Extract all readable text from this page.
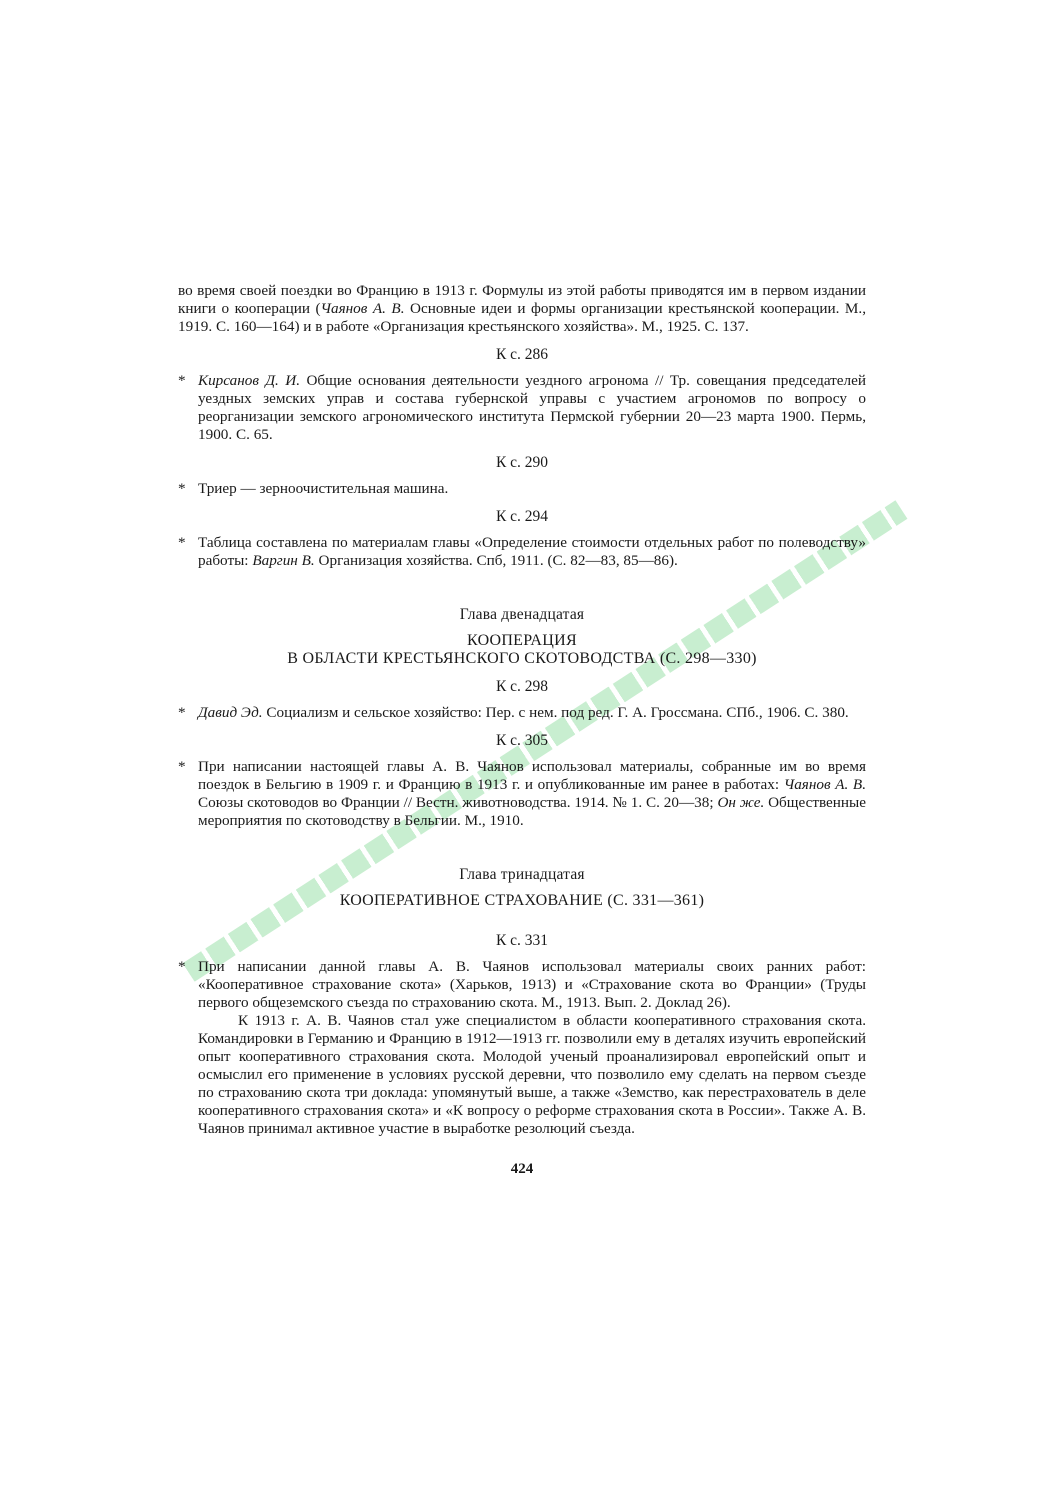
во время своей поездки во Францию в 1913 г. Формулы из этой работы приводятся им в первом издании книги о кооперации (Чаянов А. В. Основные идеи и формы организации крестьянской кооперации. М., 1919. С. 160—164) и в работе «Организация крестьянского хозяйства». М., 1925. С. 137.

К с. 286

* Кирсанов Д. И. Общие основания деятельности уездного агронома // Тр. совещания председателей уездных земских управ и состава губернской управы с участием агрономов по вопросу о реорганизации земского агрономического института Пермской губернии 20—23 марта 1900. Пермь, 1900. С. 65.

К с. 290

* Триер — зерноочистительная машина.

К с. 294

* Таблица составлена по материалам главы «Определение стоимости отдельных работ по полеводству» работы: Варгин В. Организация хозяйства. Спб, 1911. (С. 82—83, 85—86).

Глава двенадцатая
КООПЕРАЦИЯ
В ОБЛАСТИ КРЕСТЬЯНСКОГО СКОТОВОДСТВА (С. 298—330)
К с. 298

* Давид Эд. Социализм и сельское хозяйство: Пер. с нем. под ред. Г. А. Гроссмана. СПб., 1906. С. 380.

К с. 305

* При написании настоящей главы А. В. Чаянов использовал материалы, собранные им во время поездок в Бельгию в 1909 г. и Францию в 1913 г. и опубликованные им ранее в работах: Чаянов А. В. Союзы скотоводов во Франции // Вестн. животноводства. 1914. № 1. С. 20—38; Он же. Общественные мероприятия по скотоводству в Бельгии. М., 1910.

Глава тринадцатая
КООПЕРАТИВНОЕ СТРАХОВАНИЕ (С. 331—361)
К с. 331

* При написании данной главы А. В. Чаянов использовал материалы своих ранних работ: «Кооперативное страхование скота» (Харьков, 1913) и «Страхование скота во Франции» (Труды первого общеземского съезда по страхованию скота. М., 1913. Вып. 2. Доклад 26).

К 1913 г. А. В. Чаянов стал уже специалистом в области кооперативного страхования скота. Командировки в Германию и Францию в 1912—1913 гг. позволили ему в деталях изучить европейский опыт кооперативного страхования скота. Молодой ученый проанализировал европейский опыт и осмыслил его применение в условиях русской деревни, что позволило ему сделать на первом съезде по страхованию скота три доклада: упомянутый выше, а также «Земство, как перестрахователь в деле кооперативного страхования скота» и «К вопросу о реформе страхования скота в России». Также А. В. Чаянов принимал активное участие в выработке резолюций съезда.

424
